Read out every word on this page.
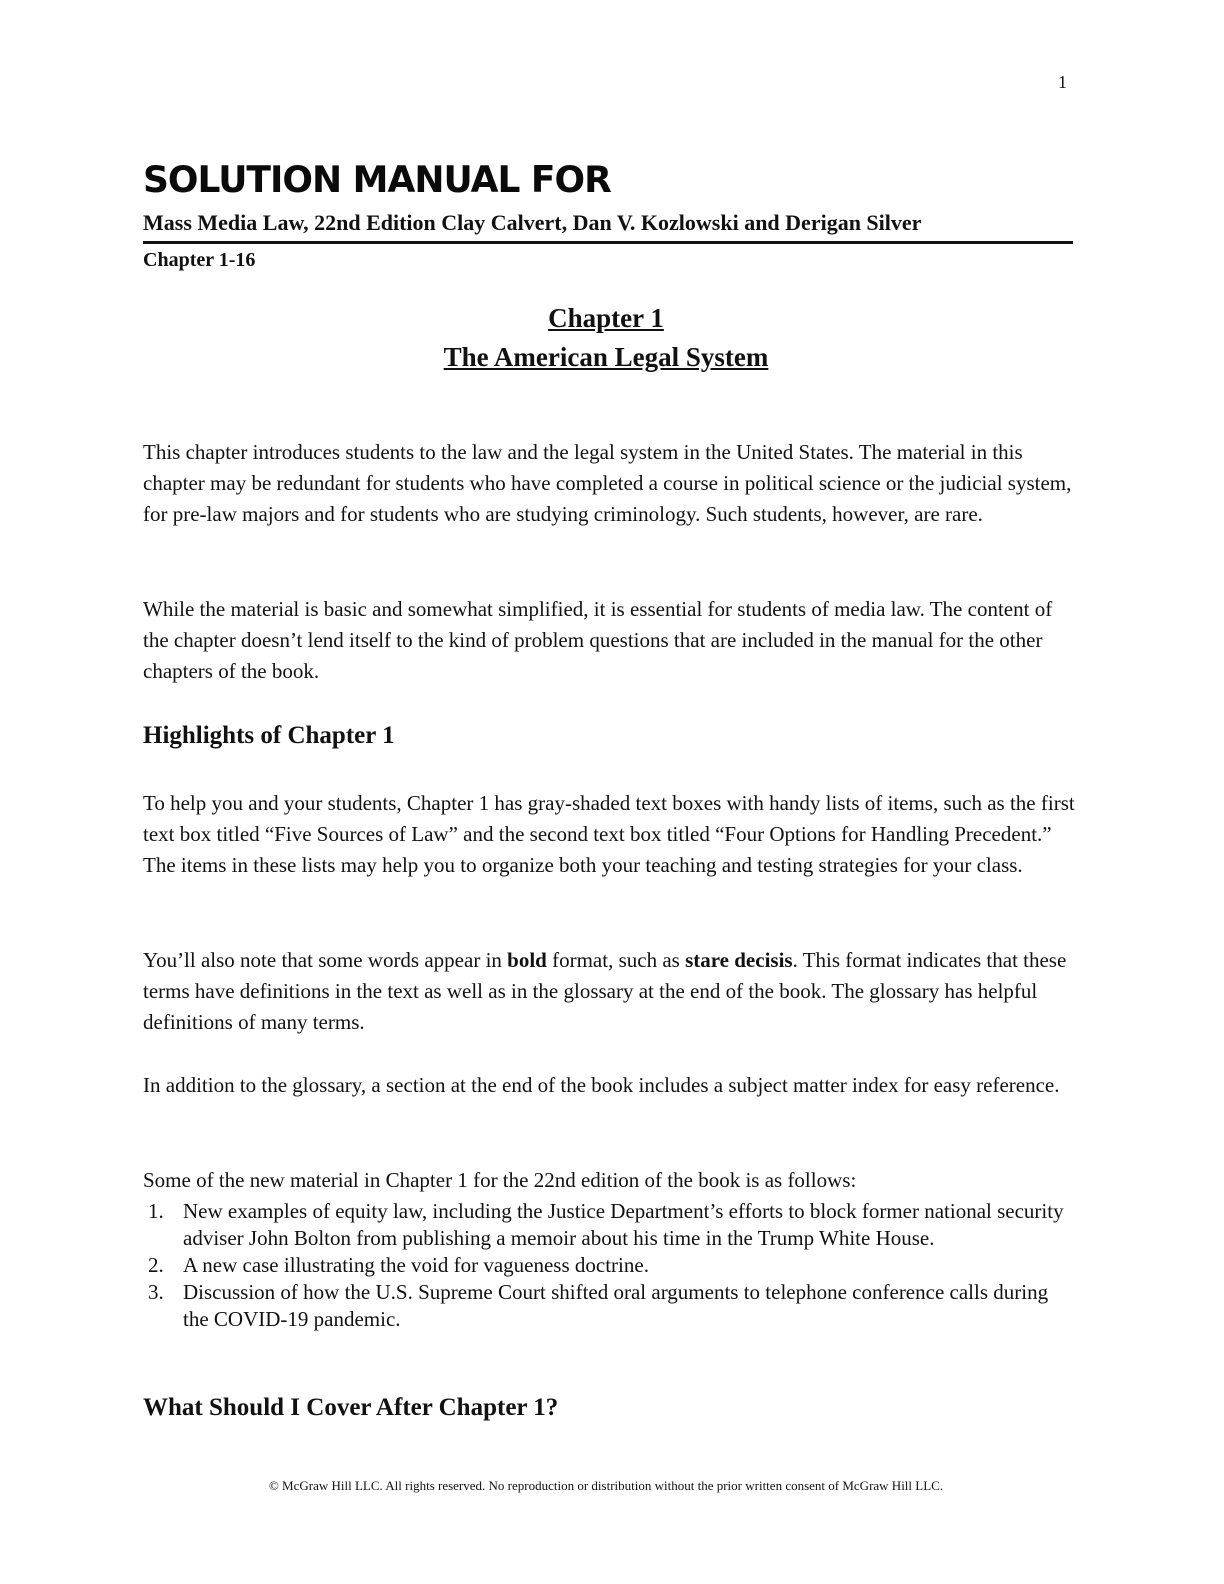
1
SOLUTION MANUAL FOR
Mass Media Law, 22nd Edition Clay Calvert, Dan V. Kozlowski and Derigan Silver
Chapter 1-16
Chapter 1
The American Legal System

This chapter introduces students to the law and the legal system in the United States. The material in this chapter may be redundant for students who have completed a course in political science or the judicial system, for pre-law majors and for students who are studying criminology. Such students, however, are rare.

While the material is basic and somewhat simplified, it is essential for students of media law. The content of the chapter doesn’t lend itself to the kind of problem questions that are included in the manual for the other chapters of the book.

Highlights of Chapter 1

To help you and your students, Chapter 1 has gray-shaded text boxes with handy lists of items, such as the first text box titled “Five Sources of Law” and the second text box titled “Four Options for Handling Precedent.” The items in these lists may help you to organize both your teaching and testing strategies for your class.

You’ll also note that some words appear in bold format, such as stare decisis. This format indicates that these terms have definitions in the text as well as in the glossary at the end of the book. The glossary has helpful definitions of many terms.

In addition to the glossary, a section at the end of the book includes a subject matter index for easy reference.

Some of the new material in Chapter 1 for the 22nd edition of the book is as follows:

1. New examples of equity law, including the Justice Department’s efforts to block former national security adviser John Bolton from publishing a memoir about his time in the Trump White House.
2. A new case illustrating the void for vagueness doctrine.
3. Discussion of how the U.S. Supreme Court shifted oral arguments to telephone conference calls during the COVID-19 pandemic.
What Should I Cover After Chapter 1?
© McGraw Hill LLC. All rights reserved. No reproduction or distribution without the prior written consent of McGraw Hill LLC.
